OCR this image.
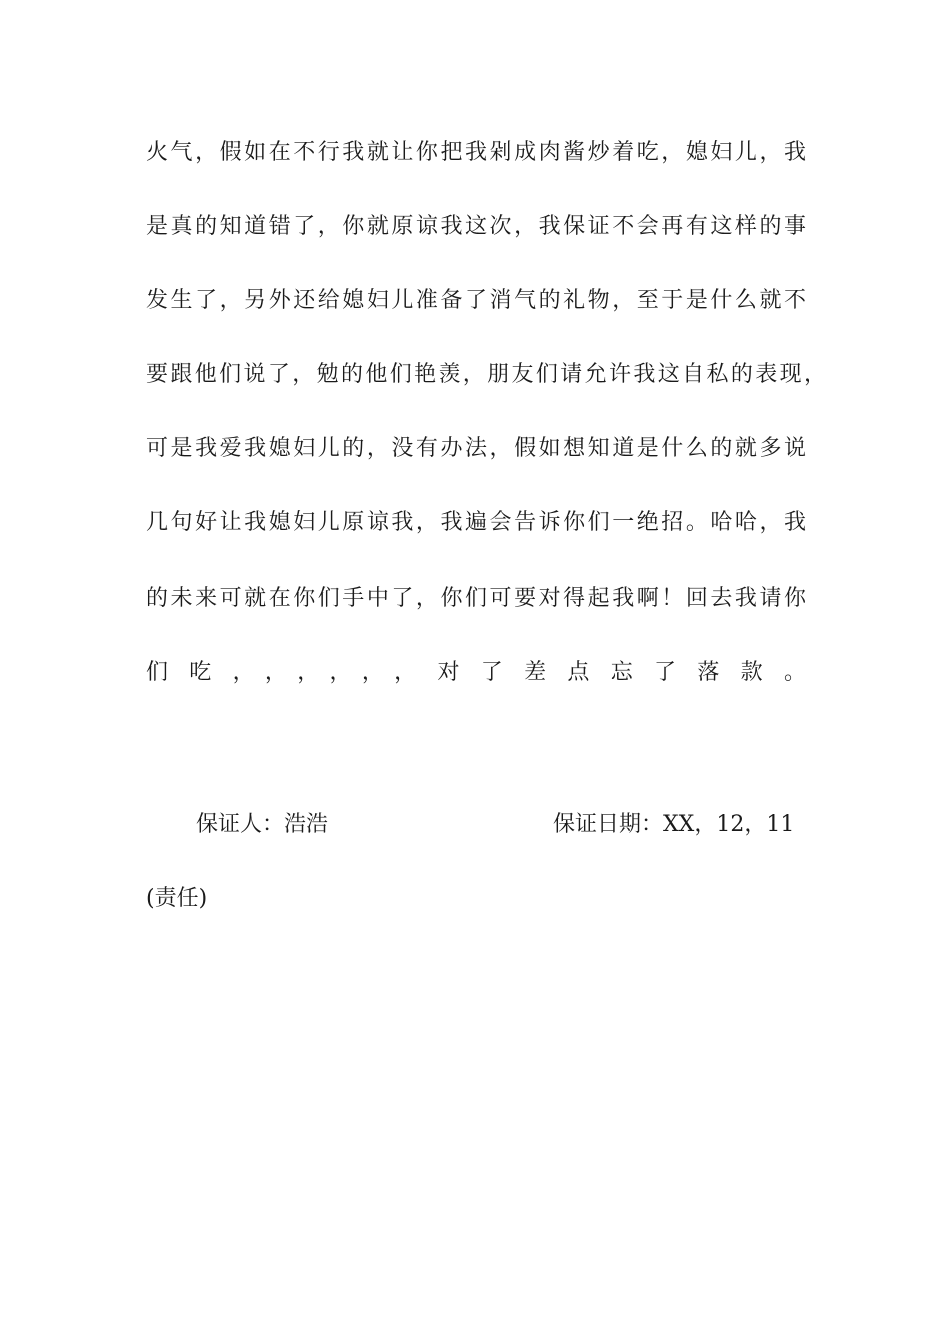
火气，假如在不行我就让你把我剁成肉酱炒着吃，媳妇儿，我
是真的知道错了，你就原谅我这次，我保证不会再有这样的事
发生了，另外还给媳妇儿准备了消气的礼物，至于是什么就不
要跟他们说了，勉的他们艳羡，朋友们请允许我这自私的表现，
可是我爱我媳妇儿的，没有办法，假如想知道是什么的就多说
几句好让我媳妇儿原谅我，我遍会告诉你们一绝招。哈哈，我
的未来可就在你们手中了，你们可要对得起我啊！回去我请你
们吃，，，，，，对了差点忘了落款。
保证人：浩浩	保证日期：XX，12，11
(责任)
